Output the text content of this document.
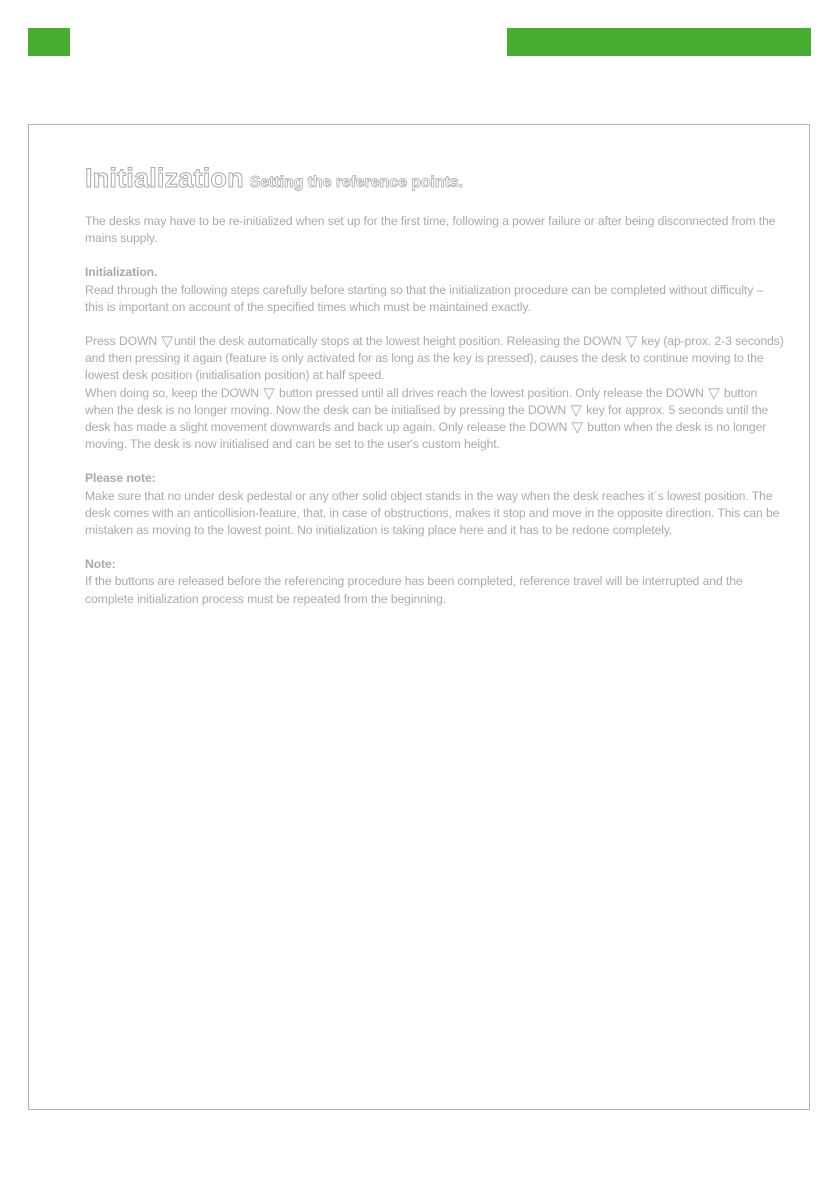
Initialization Setting the reference points.

The desks may have to be re-initialized when set up for the first time, following a power failure or after being disconnected from the mains supply.

Initialization.
Read through the following steps carefully before starting so that the initialization procedure can be completed without difficulty – this is important on account of the specified times which must be maintained exactly.

Press DOWN ▽until the desk automatically stops at the lowest height position. Releasing the DOWN ▽ key (ap-prox. 2-3 seconds) and then pressing it again (feature is only activated for as long as the key is pressed), causes the desk to continue moving to the lowest desk position (initialisation position) at half speed.
When doing so, keep the DOWN ▽ button pressed until all drives reach the lowest position. Only release the DOWN ▽ button when the desk is no longer moving. Now the desk can be initialised by pressing the DOWN ▽ key for approx. 5 seconds until the desk has made a slight movement downwards and back up again. Only release the DOWN ▽ button when the desk is no longer moving. The desk is now initialised and can be set to the user's custom height.

Please note:
Make sure that no under desk pedestal or any other solid object stands in the way when the desk reaches it´s lowest position. The desk comes with an anticollision-feature, that, in case of obstructions, makes it stop and move in the opposite direction. This can be mistaken as moving to the lowest point. No initialization is taking place here and it has to be redone completely.

Note:
If the buttons are released before the referencing procedure has been completed, reference travel will be interrupted and the complete initialization process must be repeated from the beginning.
